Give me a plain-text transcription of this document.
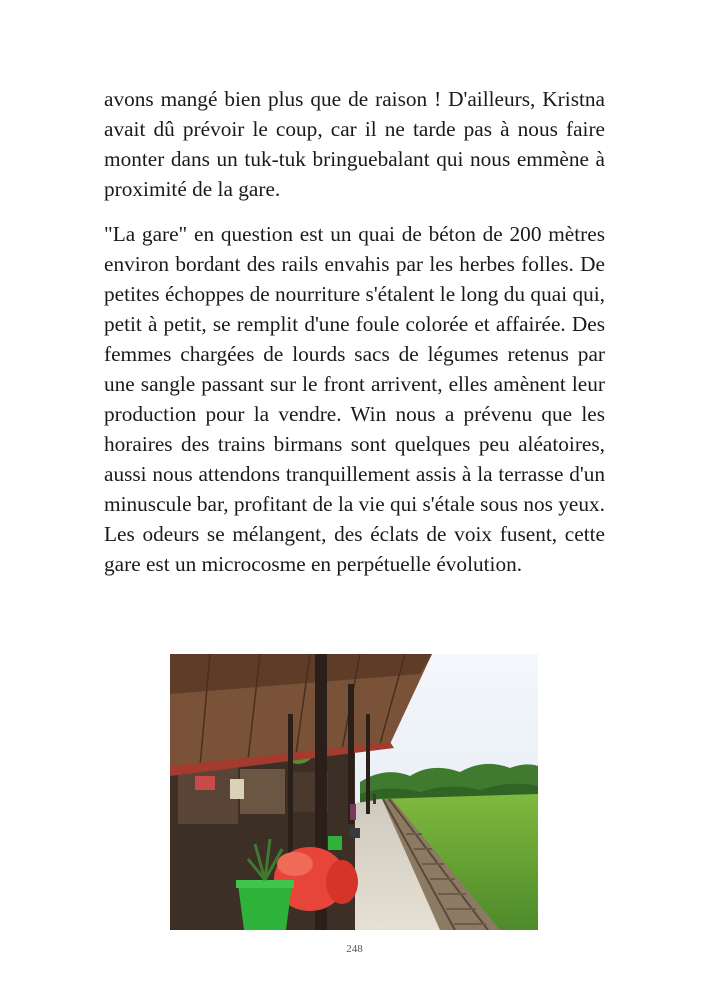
avons mangé bien plus que de raison ! D'ailleurs, Kristna avait dû prévoir le coup, car il ne tarde pas à nous faire monter dans un tuk-tuk bringuebalant qui nous emmène à proximité de la gare.

"La gare" en question est un quai de béton de 200 mètres environ bordant des rails envahis par les herbes folles. De petites échoppes de nourriture s'étalent le long du quai qui, petit à petit, se remplit d'une foule colorée et affairée. Des femmes chargées de lourds sacs de légumes retenus par une sangle passant sur le front arrivent, elles amènent leur production pour la vendre. Win nous a prévenu que les horaires des trains birmans sont quelques peu aléatoires, aussi nous attendons tranquillement assis à la terrasse d'un minuscule bar, profitant de la vie qui s'étale sous nos yeux. Les odeurs se mélangent, des éclats de voix fusent, cette gare est un microcosme en perpétuelle évolution.

248
